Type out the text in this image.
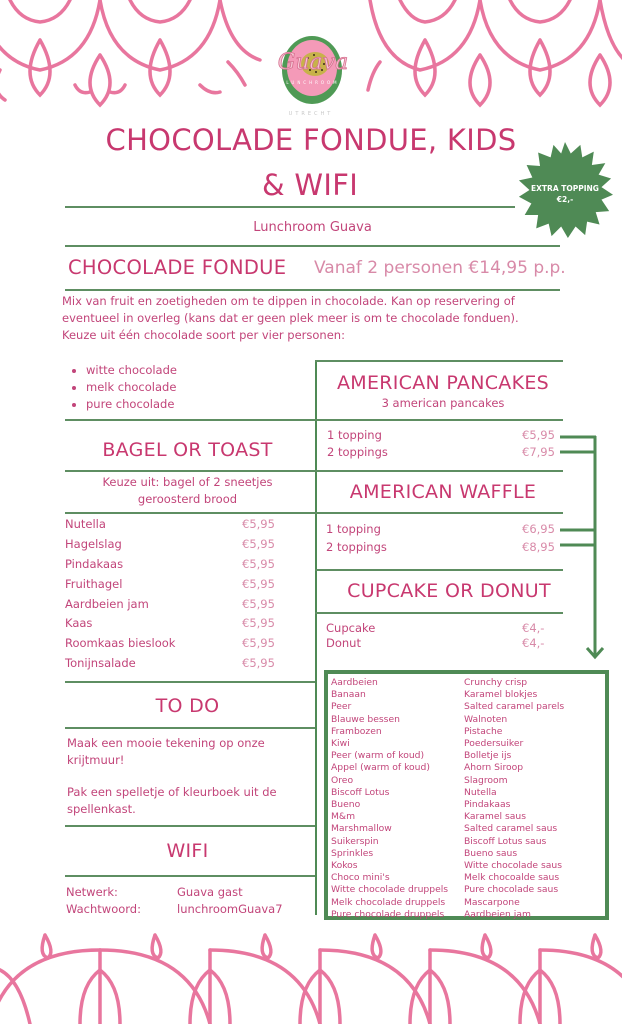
Guava
LUNCHROOM
UTRECHT
CHOCOLADE FONDUE, KIDS
& WIFI	EXTRA TOPPING
€2,-
Lunchroom Guava
CHOCOLADE FONDUE Vanaf 2 personen €14,95 p.p.
Mix van fruit en zoetigheden om te dippen in chocolade. Kan op reservering of eventueel in overleg (kans dat er geen plek meer is om te chocolade fonduen). Keuze uit één chocolade soort per vier personen:
• witte chocolade
• melk chocolade
• pure chocolade
BAGEL OR TOAST
Keuze uit: bagel of 2 sneetjes geroosterd brood
Nutella	€5,95
Hagelslag	€5,95
Pindakaas	€5,95
Fruithagel	€5,95
Aardbeien jam	€5,95
Kaas	€5,95
Roomkaas bieslook	€5,95
Tonijnsalade	€5,95
TO DO
Maak een mooie tekening op onze krijtmuur!
Pak een spelletje of kleurboek uit de spellenkast.
WIFI
Netwerk:	Guava gast
Wachtwoord:	lunchroomGuava7
AMERICAN PANCAKES
3 american pancakes
1 topping	€5,95
2 toppings	€7,95
AMERICAN WAFFLE
1 topping	€6,95
2 toppings	€8,95
CUPCAKE OR DONUT
Cupcake	€4,-
Donut	€4,-
Aardbeien
Banaan
Peer
Blauwe bessen
Frambozen
Kiwi
Peer (warm of koud)
Appel (warm of koud)
Oreo
Biscoff Lotus
Bueno
M&m
Marshmallow
Suikerspin
Sprinkles
Kokos
Choco mini's
Witte chocolade druppels
Melk chocolade druppels
Pure chocolade druppels
Crunchy crisp
Karamel blokjes
Salted caramel parels
Walnoten
Pistache
Poedersuiker
Bolletje ijs
Ahorn Siroop
Slagroom
Nutella
Pindakaas
Karamel saus
Salted caramel saus
Biscoff Lotus saus
Bueno saus
Witte chocolade saus
Melk chocoalde saus
Pure chocolade saus
Mascarpone
Aardbeien jam
